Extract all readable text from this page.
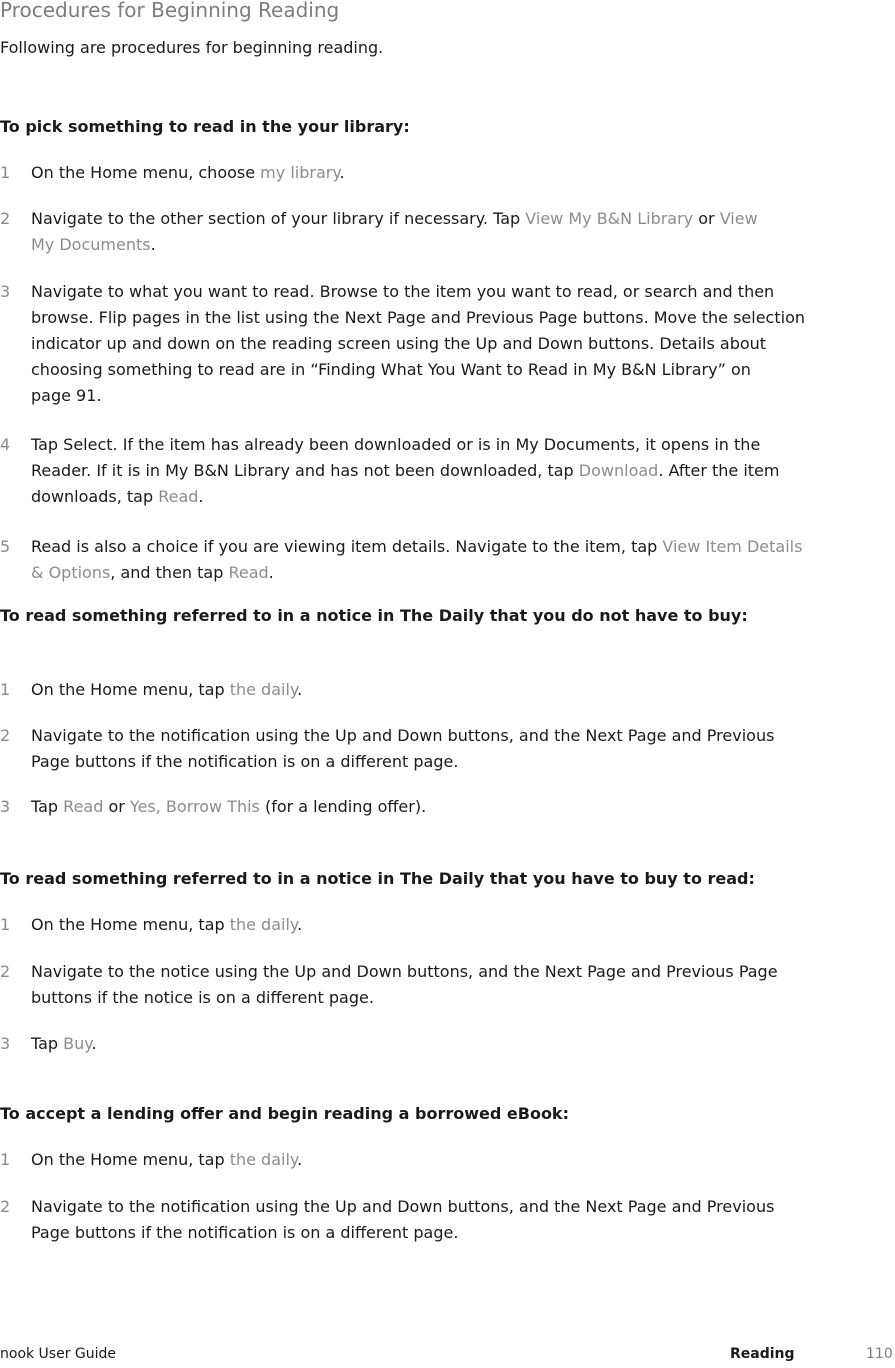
Procedures for Beginning Reading
Following are procedures for beginning reading.
To pick something to read in the your library:
1 On the Home menu, choose my library.
2 Navigate to the other section of your library if necessary. Tap View My B&N Library or View
My Documents.
3 Navigate to what you want to read. Browse to the item you want to read, or search and then
browse. Flip pages in the list using the Next Page and Previous Page buttons. Move the selection
indicator up and down on the reading screen using the Up and Down buttons. Details about
choosing something to read are in “Finding What You Want to Read in My B&N Library” on
page 91.
4 Tap Select. If the item has already been downloaded or is in My Documents, it opens in the
Reader. If it is in My B&N Library and has not been downloaded, tap Download. After the item
downloads, tap Read.
5 Read is also a choice if you are viewing item details. Navigate to the item, tap View Item Details
& Options, and then tap Read.
To read something referred to in a notice in The Daily that you do not have to buy:
1 On the Home menu, tap the daily.
2 Navigate to the notiﬁcation using the Up and Down buttons, and the Next Page and Previous
Page buttons if the notiﬁcation is on a different page.
3 Tap Read or Yes, Borrow This (for a lending offer).
To read something referred to in a notice in The Daily that you have to buy to read:
1 On the Home menu, tap the daily.
2 Navigate to the notice using the Up and Down buttons, and the Next Page and Previous Page
buttons if the notice is on a different page.
3 Tap Buy.
To accept a lending offer and begin reading a borrowed eBook:
1 On the Home menu, tap the daily.
2 Navigate to the notiﬁcation using the Up and Down buttons, and the Next Page and Previous
Page buttons if the notiﬁcation is on a different page.
nook User Guide	Reading	110
